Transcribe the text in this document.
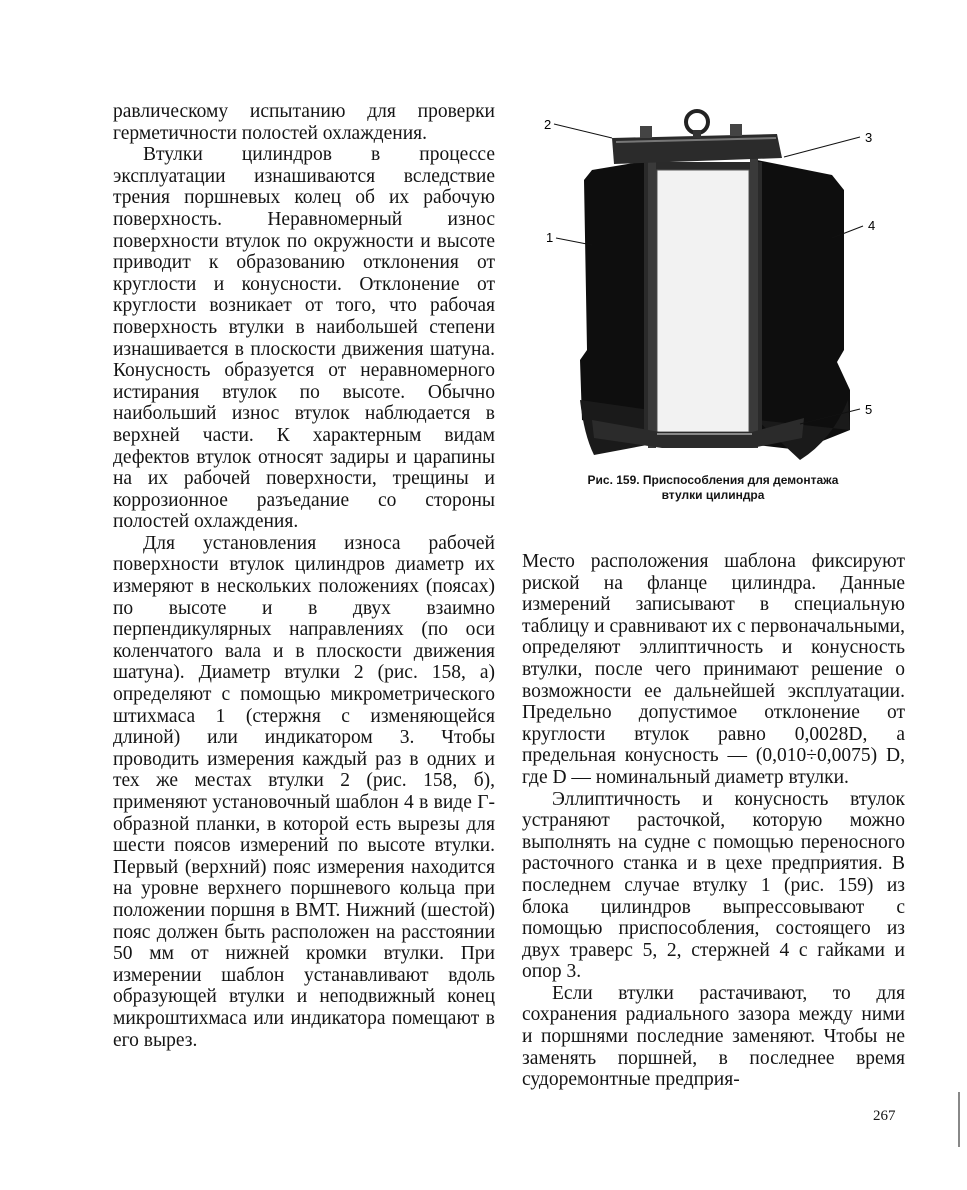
равлическому испытанию для проверки герметичности полостей охлаждения.

Втулки цилиндров в процессе эксплуатации изнашиваются вследствие трения поршневых колец об их рабочую поверхность. Неравномерный износ поверхности втулок по окружности и высоте приводит к образованию отклонения от круглости и конусности. Отклонение от круглости возникает от того, что рабочая поверхность втулки в наибольшей степени изнашивается в плоскости движения шатуна. Конусность образуется от неравномерного истирания втулок по высоте. Обычно наибольший износ втулок наблюдается в верхней части. К характерным видам дефектов втулок относят задиры и царапины на их рабочей поверхности, трещины и коррозионное разъедание со стороны полостей охлаждения.

Для установления износа рабочей поверхности втулок цилиндров диаметр их измеряют в нескольких положениях (поясах) по высоте и в двух взаимно перпендикулярных направлениях (по оси коленчатого вала и в плоскости движения шатуна). Диаметр втулки 2 (рис. 158, а) определяют с помощью микрометрического штихмаса 1 (стержня с изменяющейся длиной) или индикатором 3. Чтобы проводить измерения каждый раз в одних и тех же местах втулки 2 (рис. 158, б), применяют установочный шаблон 4 в виде Г-образной планки, в которой есть вырезы для шести поясов измерений по высоте втулки. Первый (верхний) пояс измерения находится на уровне верхнего поршневого кольца при положении поршня в ВМТ. Нижний (шестой) пояс должен быть расположен на расстоянии 50 мм от нижней кромки втулки. При измерении шаблон устанавливают вдоль образующей втулки и неподвижный конец микроштихмаса или индикатора помещают в его вырез.

2
3
1
4
5
Рис. 159. Приспособления для демонтажа
втулки цилиндра

Место расположения шаблона фиксируют риской на фланце цилиндра. Данные измерений записывают в специальную таблицу и сравнивают их с первоначальными, определяют эллиптичность и конусность втулки, после чего принимают решение о возможности ее дальнейшей эксплуатации. Предельно допустимое отклонение от круглости втулок равно 0,0028D, а предельная конусность — (0,010÷0,0075) D, где D — номинальный диаметр втулки.

Эллиптичность и конусность втулок устраняют расточкой, которую можно выполнять на судне с помощью переносного расточного станка и в цехе предприятия. В последнем случае втулку 1 (рис. 159) из блока цилиндров выпрессовывают с помощью приспособления, состоящего из двух траверс 5, 2, стержней 4 с гайками и опор 3.

Если втулки растачивают, то для сохранения радиального зазора между ними и поршнями последние заменяют. Чтобы не заменять поршней, в последнее время судоремонтные предприя-

267
